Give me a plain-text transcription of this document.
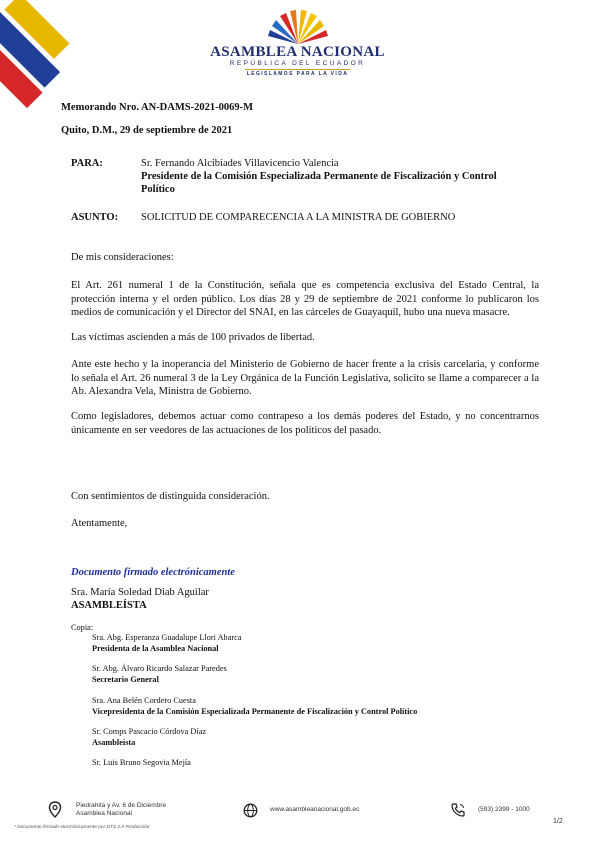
ASAMBLEA NACIONAL
REPÚBLICA DEL ECUADOR
LEGISLAMOS PARA LA VIDA
Memorando Nro. AN-DAMS-2021-0069-M
Quito, D.M., 29 de septiembre de 2021
PARA:	Sr. Fernando Alcibíades Villavicencio Valencia
Presidente de la Comisión Especializada Permanente de Fiscalización y Control
Político
ASUNTO: SOLICITUD DE COMPARECENCIA A LA MINISTRA DE GOBIERNO

De mis consideraciones:

El Art. 261 numeral 1 de la Constitución, señala que es competencia exclusiva del Estado Central, la protección interna y el orden público. Los días 28 y 29 de septiembre de 2021 conforme lo publicaron los medios de comunicación y el Director del SNAI, en las cárceles de Guayaquil, hubo una nueva masacre.

Las víctimas ascienden a más de 100 privados de libertad.

Ante este hecho y la inoperancia del Ministerio de Gobierno de hacer frente a la crisis carcelaria, y conforme lo señala el Art. 26 numeral 3 de la Ley Orgánica de la Función Legislativa, solicito se llame a comparecer a la Ab. Alexandra Vela, Ministra de Gobierno.

Como legisladores, debemos actuar como contrapeso a los demás poderes del Estado, y no concentrarnos únicamente en ser veedores de las actuaciones de los políticos del pasado.

Con sentimientos de distinguida consideración.

Atentamente,

Documento firmado electrónicamente
Sra. María Soledad Diab Aguilar
ASAMBLEÍSTA
Copia:
Sra. Abg. Esperanza Guadalupe Llori Abarca
Presidenta de la Asamblea Nacional
Sr. Abg. Álvaro Ricardo Salazar Paredes
Secretario General
Sra. Ana Belén Cordero Cuesta
Vicepresidenta de la Comisión Especializada Permanente de Fiscalización y Control Político
Sr. Comps Pascacio Córdova Díaz
Asambleísta
Sr. Luis Bruno Segovia Mejía
Piedrahita y Av. 6 de Diciembre
Asamblea Nacional
www.asambleanacional.gob.ec	(593) 2399 - 1000
* Documento firmado electrónicamente por DTS 2.0 Producción
1/2
